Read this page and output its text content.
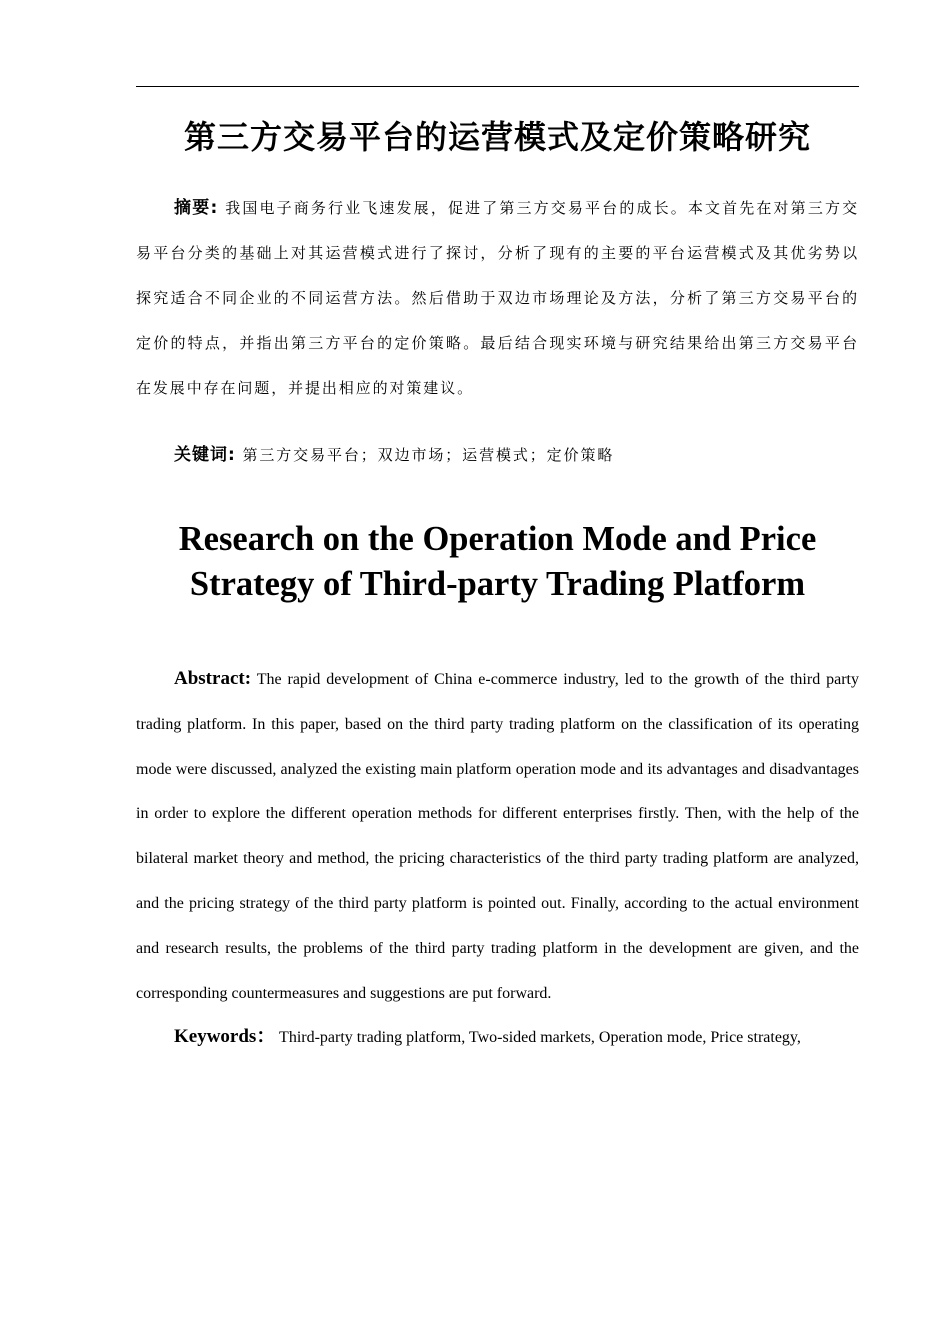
第三方交易平台的运营模式及定价策略研究

摘要: 我国电子商务行业飞速发展，促进了第三方交易平台的成长。本文首先在对第三方交易平台分类的基础上对其运营模式进行了探讨，分析了现有的主要的平台运营模式及其优劣势以探究适合不同企业的不同运营方法。然后借助于双边市场理论及方法，分析了第三方交易平台的定价的特点，并指出第三方平台的定价策略。最后结合现实环境与研究结果给出第三方交易平台在发展中存在问题，并提出相应的对策建议。

关键词: 第三方交易平台；双边市场；运营模式；定价策略

Research on the Operation Mode and Price Strategy of Third-party Trading Platform

Abstract: The rapid development of China e-commerce industry, led to the growth of the third party trading platform. In this paper, based on the third party trading platform on the classification of its operating mode were discussed, analyzed the existing main platform operation mode and its advantages and disadvantages in order to explore the different operation methods for different enterprises firstly. Then, with the help of the bilateral market theory and method, the pricing characteristics of the third party trading platform are analyzed, and the pricing strategy of the third party platform is pointed out. Finally, according to the actual environment and research results, the problems of the third party trading platform in the development are given, and the corresponding countermeasures and suggestions are put forward.

Keywords： Third-party trading platform, Two-sided markets, Operation mode, Price strategy,
